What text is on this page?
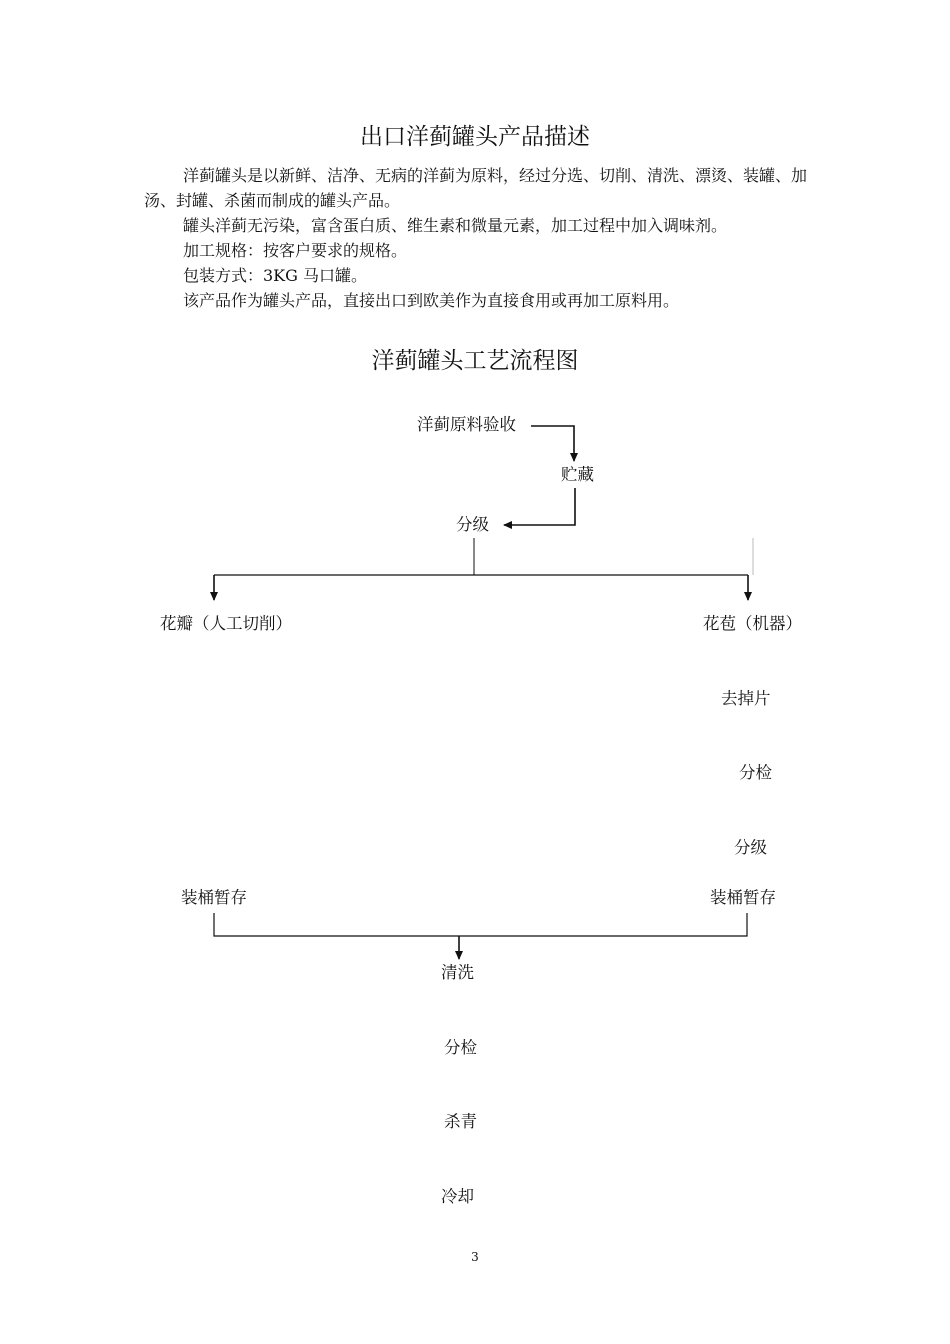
出口洋蓟罐头产品描述

洋蓟罐头是以新鲜、洁净、无病的洋蓟为原料，经过分选、切削、清洗、漂烫、装罐、加汤、封罐、杀菌而制成的罐头产品。

罐头洋蓟无污染，富含蛋白质、维生素和微量元素，加工过程中加入调味剂。

加工规格：按客户要求的规格。

包装方式：3KG 马口罐。

该产品作为罐头产品，直接出口到欧美作为直接食用或再加工原料用。

洋蓟罐头工艺流程图
洋蓟原料验收
贮藏
分级
花瓣（人工切削）	花苞（机器）
去掉片
分检
分级
装桶暂存	装桶暂存
清洗
分检
杀青
冷却
3
